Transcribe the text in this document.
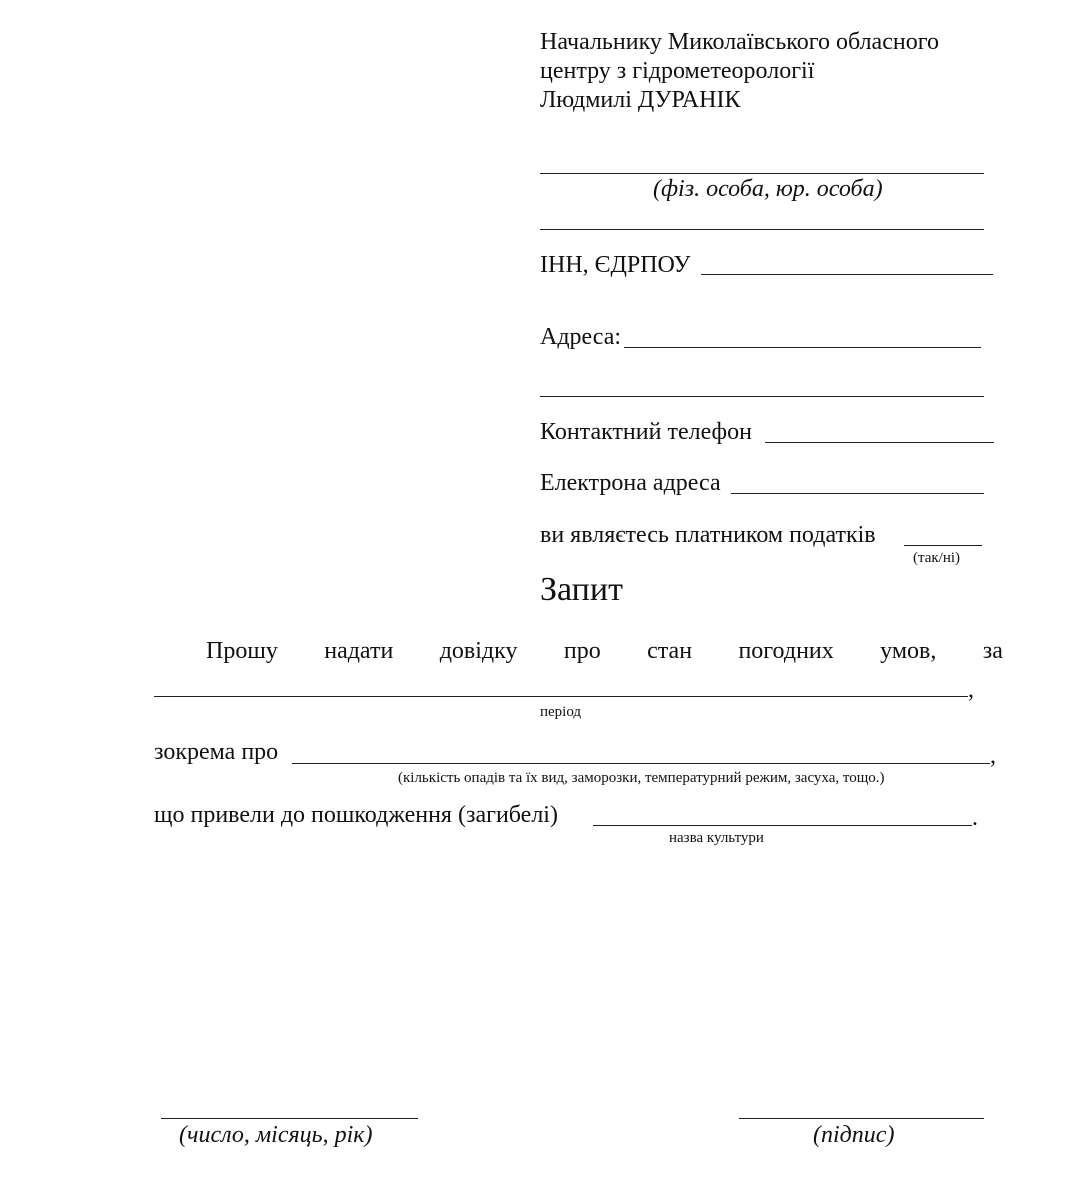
Начальнику Миколаївського обласного
центру з гідрометеорології
Людмилі ДУРАНІК
(фіз. особа, юр. особа)
ІНН, ЄДРПОУ
Адреса:
Контактний телефон
Електрона адреса
ви являєтесь платником податків
(так/ні)
Запит
Прошу надати довідку про стан погодних умов, за
,
період
зокрема про	,
(кількість опадів та їх вид, заморозки, температурний режим, засуха, тощо.)
що привели до пошкодження (загибелі)	.
назва культури
(число, місяць, рік)	(підпис)
